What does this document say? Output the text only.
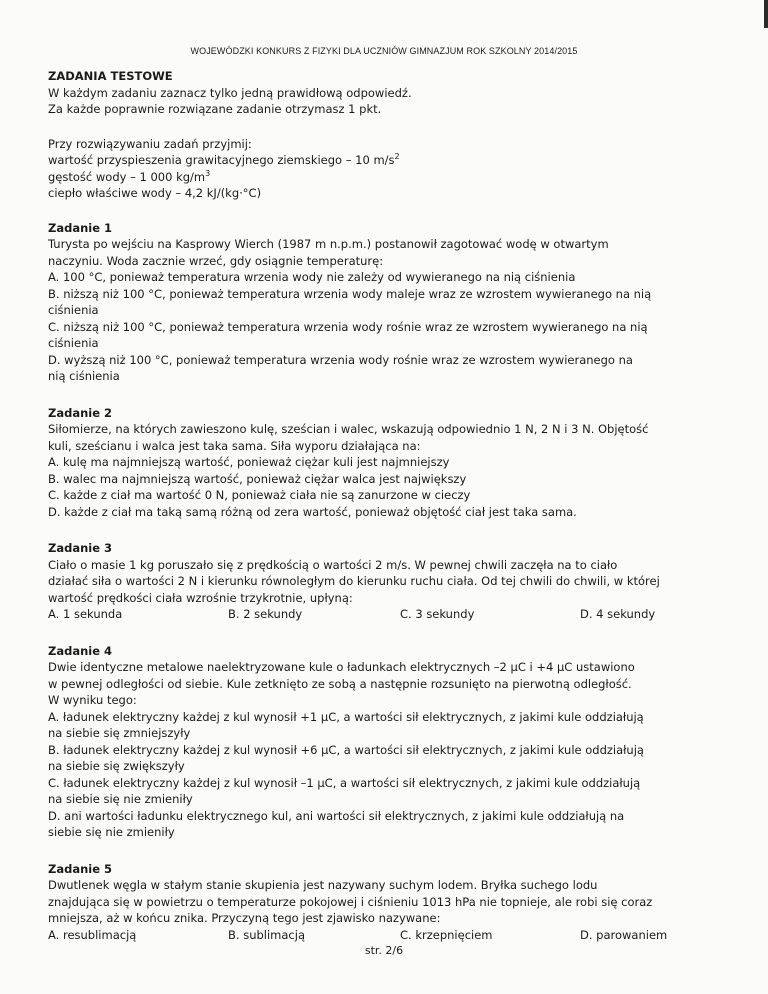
WOJEWÓDZKI KONKURS Z FIZYKI DLA UCZNIÓW GIMNAZJUM ROK SZKOLNY 2014/2015

ZADANIA TESTOWE

W każdym zadaniu zaznacz tylko jedną prawidłową odpowiedź.

Za każde poprawnie rozwiązane zadanie otrzymasz 1 pkt.

Przy rozwiązywaniu zadań przyjmij:

wartość przyspieszenia grawitacyjnego ziemskiego – 10 $m/s^2$

gęstość wody – 1 000 $kg/m^3$

ciepło właściwe wody – 4,2 kJ/(kg·°C)

Zadanie 1

Turysta po wejściu na Kasprowy Wierch (1987 m n.p.m.) postanowił zagotować wodę w otwartym

naczyniu. Woda zacznie wrzeć, gdy osiągnie temperaturę:

A. 100 °C, ponieważ temperatura wrzenia wody nie zależy od wywieranego na nią ciśnienia

B. niższą niż 100 °C, ponieważ temperatura wrzenia wody maleje wraz ze wzrostem wywieranego na nią

ciśnienia

C. niższą niż 100 °C, ponieważ temperatura wrzenia wody rośnie wraz ze wzrostem wywieranego na nią

ciśnienia

D. wyższą niż 100 °C, ponieważ temperatura wrzenia wody rośnie wraz ze wzrostem wywieranego na

nią ciśnienia

Zadanie 2

Siłomierze, na których zawieszono kulę, sześcian i walec, wskazują odpowiednio 1 N, 2 N i 3 N. Objętość

kuli, sześcianu i walca jest taka sama. Siła wyporu działająca na:

A. kulę ma najmniejszą wartość, ponieważ ciężar kuli jest najmniejszy

B. walec ma najmniejszą wartość, ponieważ ciężar walca jest największy

C. każde z ciał ma wartość 0 N, ponieważ ciała nie są zanurzone w cieczy

D. każde z ciał ma taką samą różną od zera wartość, ponieważ objętość ciał jest taka sama.

Zadanie 3

Ciało o masie 1 kg poruszało się z prędkością o wartości 2 m/s. W pewnej chwili zaczęła na to ciało

działać siła o wartości 2 N i kierunku równoległym do kierunku ruchu ciała. Od tej chwili do chwili, w której

wartość prędkości ciała wzrośnie trzykrotnie, upłyną:

A. 1 sekunda	B. 2 sekundy	C. 3 sekundy	D. 4 sekundy

Zadanie 4

Dwie identyczne metalowe naelektryzowane kule o ładunkach elektrycznych –2 μC i +4 μC ustawiono

w pewnej odległości od siebie. Kule zetknięto ze sobą a następnie rozsunięto na pierwotną odległość.

W wyniku tego:

A. ładunek elektryczny każdej z kul wynosił +1 μC, a wartości sił elektrycznych, z jakimi kule oddziałują

na siebie się zmniejszyły

B. ładunek elektryczny każdej z kul wynosił +6 μC, a wartości sił elektrycznych, z jakimi kule oddziałują

na siebie się zwiększyły

C. ładunek elektryczny każdej z kul wynosił –1 μC, a wartości sił elektrycznych, z jakimi kule oddziałują

na siebie się nie zmieniły

D. ani wartości ładunku elektrycznego kul, ani wartości sił elektrycznych, z jakimi kule oddziałują na

siebie się nie zmieniły

Zadanie 5

Dwutlenek węgla w stałym stanie skupienia jest nazywany suchym lodem. Bryłka suchego lodu

znajdująca się w powietrzu o temperaturze pokojowej i ciśnieniu 1013 hPa nie topnieje, ale robi się coraz

mniejsza, aż w końcu znika. Przyczyną tego jest zjawisko nazywane:

A. resublimacją	B. sublimacją	C. krzepnięciem	D. parowaniem
str. 2/6
